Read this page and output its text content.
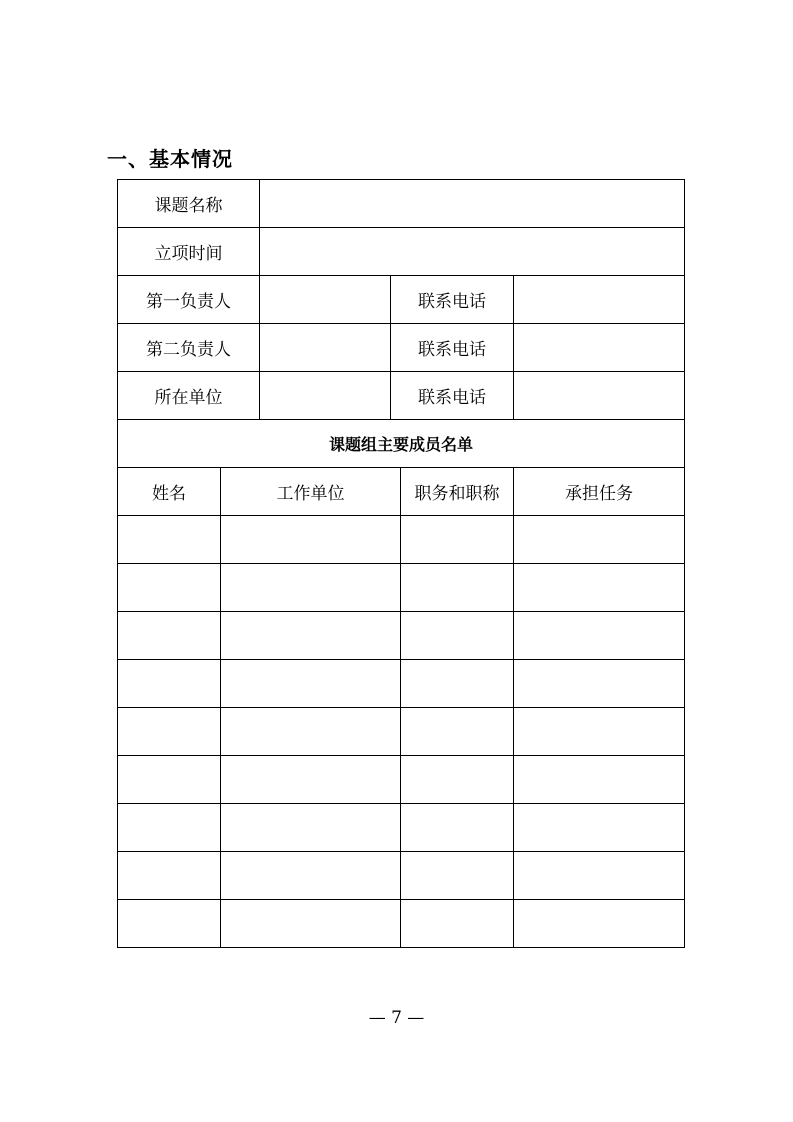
一、基本情况
课题名称					
立项时间					
第一负责人			联系电话		
第二负责人			联系电话		
所在单位			联系电话		
课题组主要成员名单					
姓名	工作单位			职务和职称	承担任务

— 7 —
